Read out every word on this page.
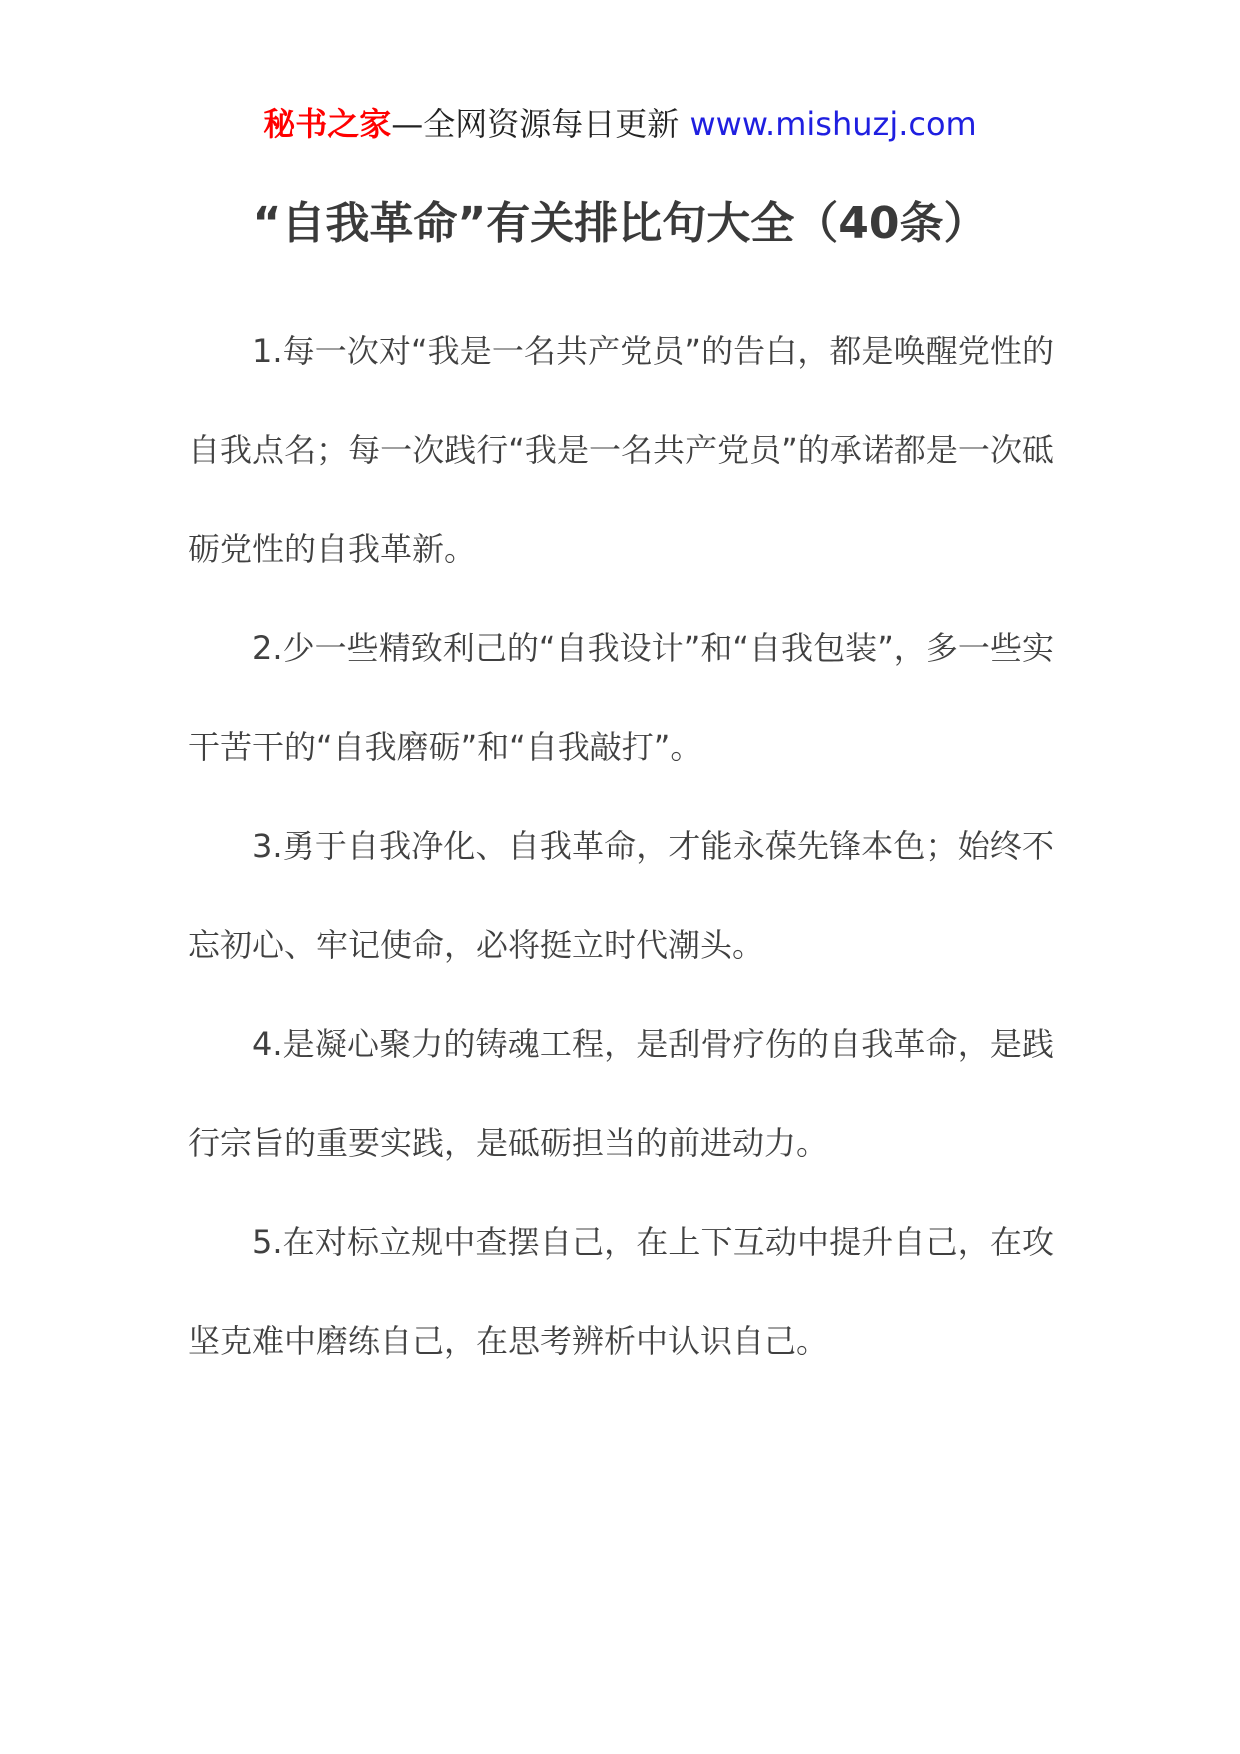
秘书之家—全网资源每日更新 www.mishuzj.com
“自我革命”有关排比句大全（40条）

1.每一次对“我是一名共产党员”的告白，都是唤醒党性的自我点名；每一次践行“我是一名共产党员”的承诺都是一次砥砺党性的自我革新。

2.少一些精致利己的“自我设计”和“自我包装”，多一些实干苦干的“自我磨砺”和“自我敲打”。

3.勇于自我净化、自我革命，才能永葆先锋本色；始终不忘初心、牢记使命，必将挺立时代潮头。

4.是凝心聚力的铸魂工程，是刮骨疗伤的自我革命，是践行宗旨的重要实践，是砥砺担当的前进动力。

5.在对标立规中查摆自己，在上下互动中提升自己，在攻坚克难中磨练自己，在思考辨析中认识自己。
